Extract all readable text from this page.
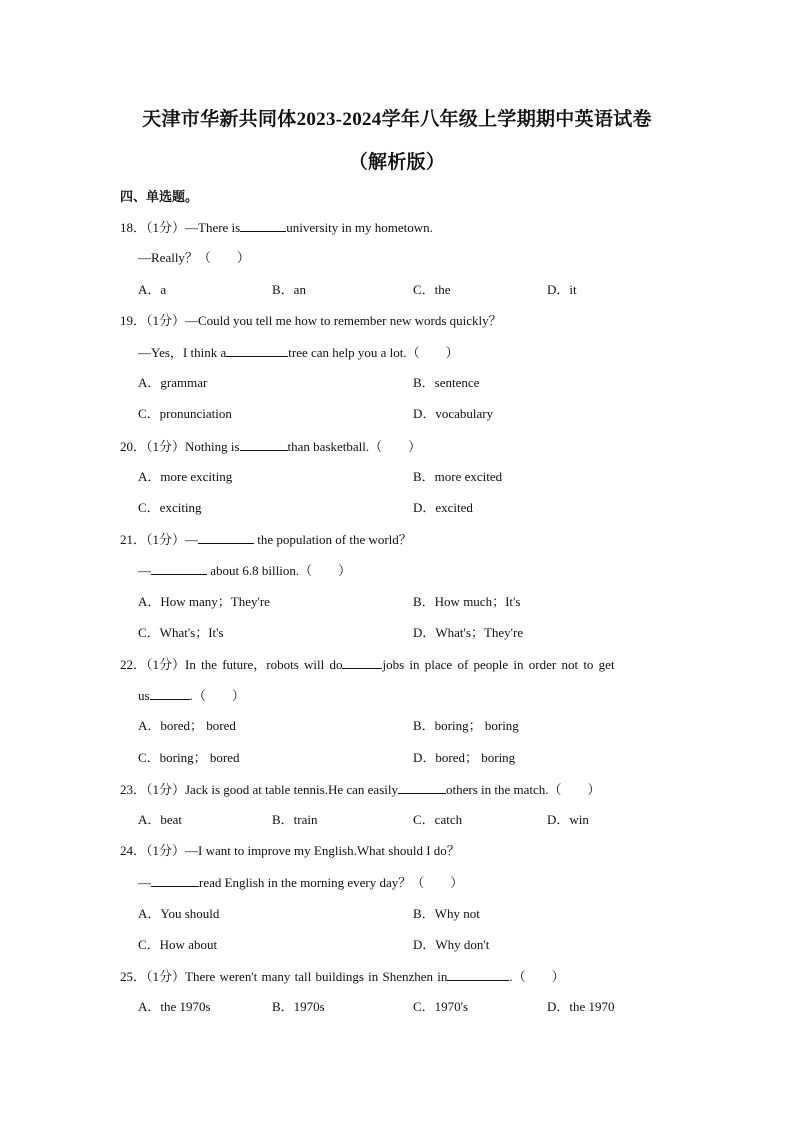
天津市华新共同体2023-2024学年八年级上学期期中英语试卷
（解析版）
四、单选题。
18．（1分）—There is	university in my hometown.
—Really？（　　）
A．a	B．an	C．the	D．it
19．（1分）—Could you tell me how to remember new words quickly？
—Yes，I think a	tree can help you a lot.（　　）
A．grammar	B．sentence
C．pronunciation	D．vocabulary
20．（1分）Nothing is	than basketball.（　　）
A．more exciting	B．more excited
C．exciting	D．excited
21．（1分）—	the population of the world？
—	about 6.8 billion.（　　）
A．How many；They're	B．How much；It's
C．What's；It's	D．What's；They're
22．（1分）In the future，robots will do	jobs in place of people in order not to get
us	.（　　）
A．bored； bored	B．boring； boring
C．boring； bored	D．bored； boring
23．（1分）Jack is good at table tennis.He can easily	others in the match.（　　）
A．beat	B．train	C．catch	D．win
24．（1分）—I want to improve my English.What should I do？
—	read English in the morning every day？（　　）
A．You should	B．Why not
C．How about	D．Why don't
25．（1分）There weren't many tall buildings in Shenzhen in	.（　　）
A．the 1970s	B．1970s	C．1970's	D．the 1970
